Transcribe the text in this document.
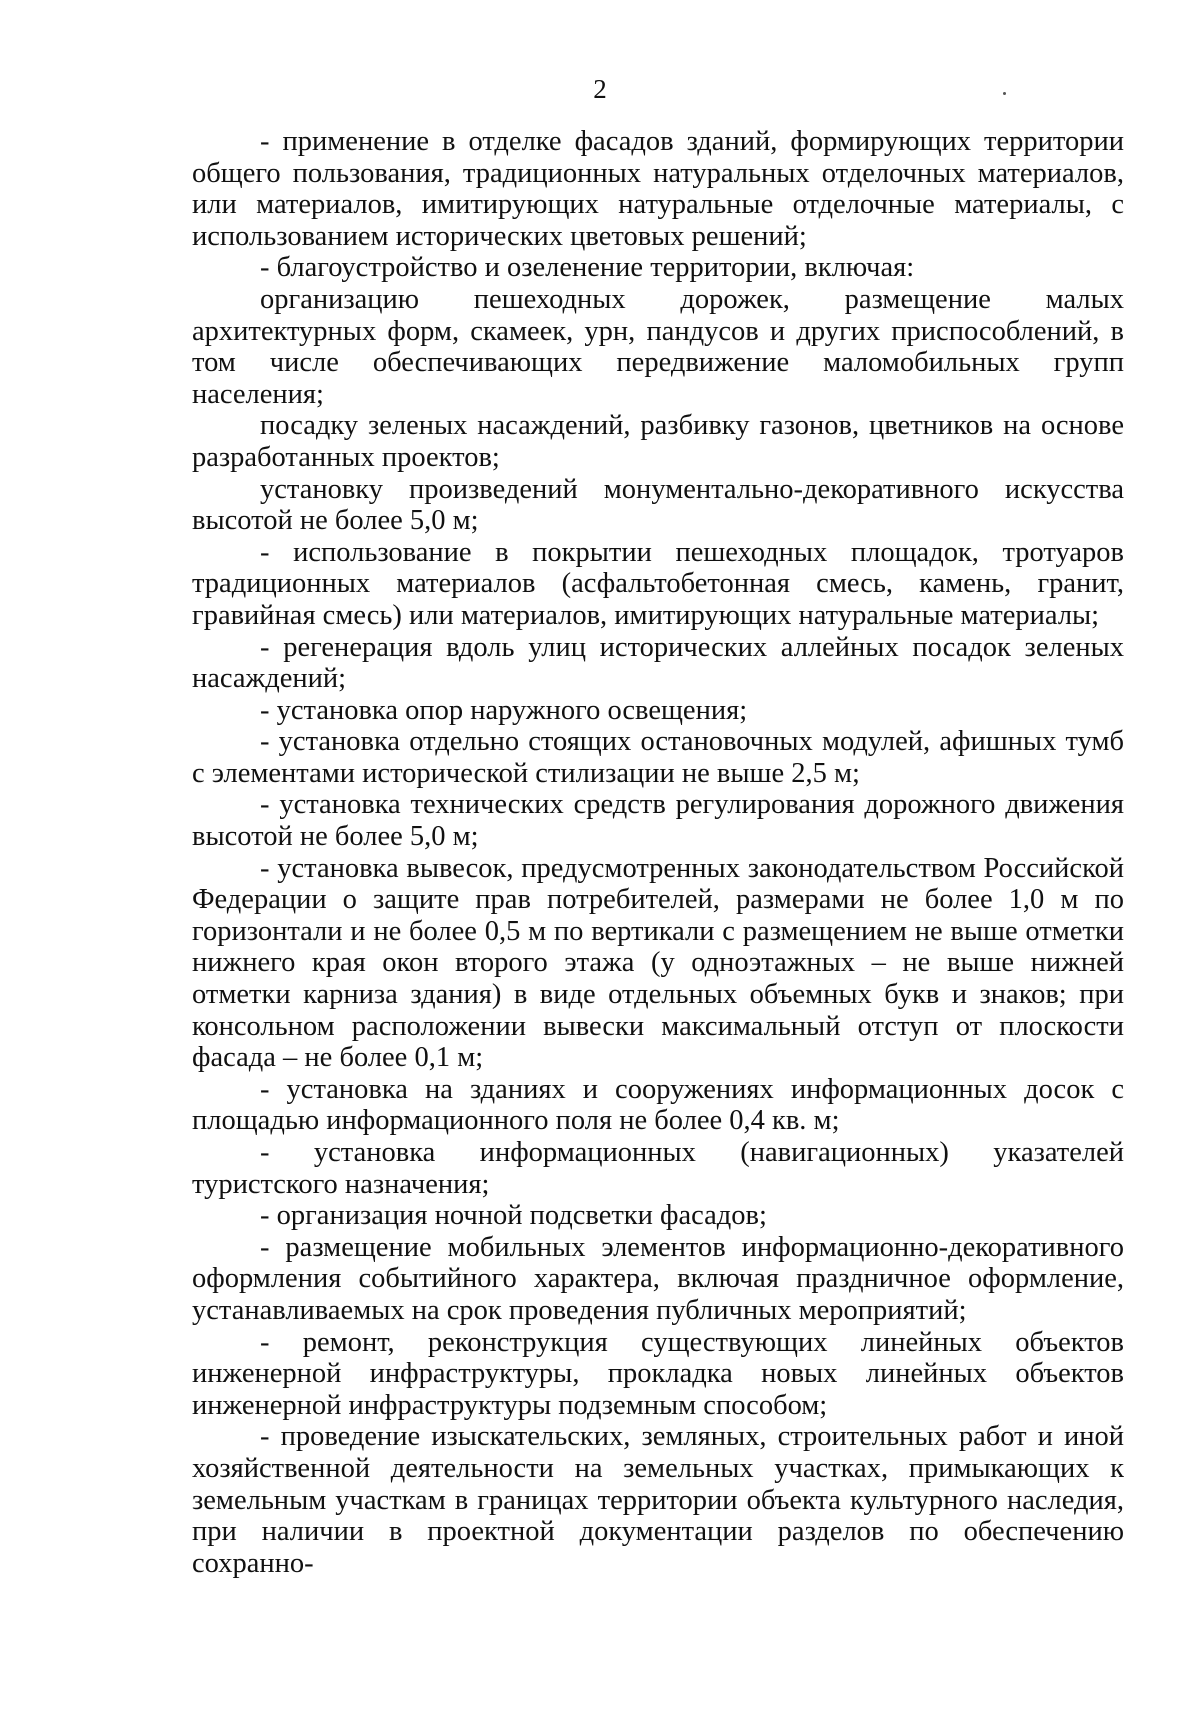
2

- применение в отделке фасадов зданий, формирующих территории общего пользования, традиционных натуральных отделочных материалов, или материалов, имитирующих натуральные отделочные материалы, с использованием исторических цветовых решений;

- благоустройство и озеленение территории, включая:

организацию пешеходных дорожек, размещение малых архитектурных форм, скамеек, урн, пандусов и других приспособлений, в том числе обеспечивающих передвижение маломобильных групп населения;

посадку зеленых насаждений, разбивку газонов, цветников на основе разработанных проектов;

установку произведений монументально-декоративного искусства высотой не более 5,0 м;

- использование в покрытии пешеходных площадок, тротуаров традиционных материалов (асфальтобетонная смесь, камень, гранит, гравийная смесь) или материалов, имитирующих натуральные материалы;

- регенерация вдоль улиц исторических аллейных посадок зеленых насаждений;

- установка опор наружного освещения;

- установка отдельно стоящих остановочных модулей, афишных тумб с элементами исторической стилизации не выше 2,5 м;

- установка технических средств регулирования дорожного движения высотой не более 5,0 м;

- установка вывесок, предусмотренных законодательством Российской Федерации о защите прав потребителей, размерами не более 1,0 м по горизонтали и не более 0,5 м по вертикали с размещением не выше отметки нижнего края окон второго этажа (у одноэтажных – не выше нижней отметки карниза здания) в виде отдельных объемных букв и знаков; при консольном расположении вывески максимальный отступ от плоскости фасада – не более 0,1 м;

- установка на зданиях и сооружениях информационных досок с площадью информационного поля не более 0,4 кв. м;

- установка информационных (навигационных) указателей туристского назначения;

- организация ночной подсветки фасадов;

- размещение мобильных элементов информационно-декоративного оформления событийного характера, включая праздничное оформление, устанавливаемых на срок проведения публичных мероприятий;

- ремонт, реконструкция существующих линейных объектов инженерной инфраструктуры, прокладка новых линейных объектов инженерной инфраструктуры подземным способом;

- проведение изыскательских, земляных, строительных работ и иной хозяйственной деятельности на земельных участках, примыкающих к земельным участкам в границах территории объекта культурного наследия, при наличии в проектной документации разделов по обеспечению сохранно-
